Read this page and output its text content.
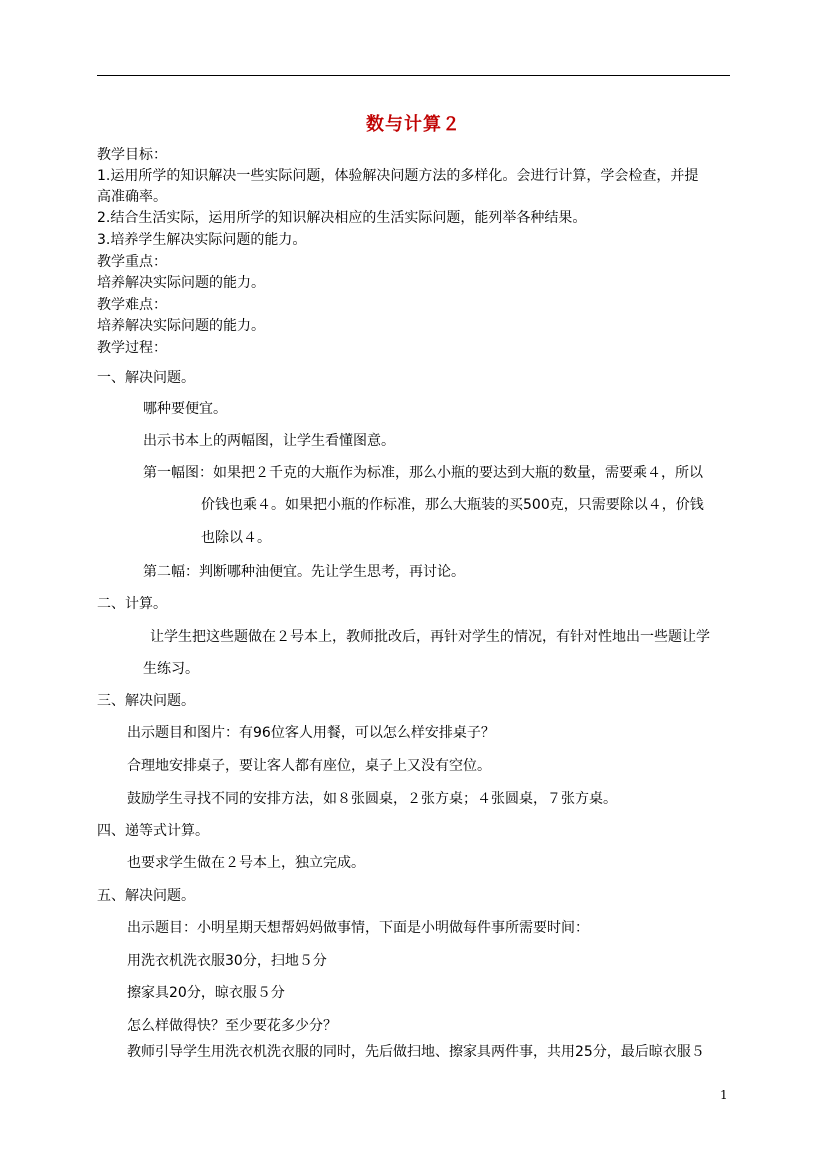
数与计算２
教学目标：
1.运用所学的知识解决一些实际问题，体验解决问题方法的多样化。会进行计算，学会检查，并提
高准确率。
2.结合生活实际，运用所学的知识解决相应的生活实际问题，能列举各种结果。
3.培养学生解决实际问题的能力。
教学重点：
培养解决实际问题的能力。
教学难点：
培养解决实际问题的能力。
教学过程：
一、解决问题。
哪种要便宜。
出示书本上的两幅图，让学生看懂图意。
第一幅图：如果把２千克的大瓶作为标准，那么小瓶的要达到大瓶的数量，需要乘４，所以
价钱也乘４。如果把小瓶的作标准，那么大瓶装的买500克，只需要除以４，价钱
也除以４。
第二幅：判断哪种油便宜。先让学生思考，再讨论。
二、计算。
让学生把这些题做在２号本上，教师批改后，再针对学生的情况，有针对性地出一些题让学
生练习。
三、解决问题。
出示题目和图片：有96位客人用餐，可以怎么样安排桌子？
合理地安排桌子，要让客人都有座位，桌子上又没有空位。
鼓励学生寻找不同的安排方法，如８张圆桌，２张方桌；４张圆桌，７张方桌。
四、递等式计算。
也要求学生做在２号本上，独立完成。
五、解决问题。
出示题目：小明星期天想帮妈妈做事情，下面是小明做每件事所需要时间：
用洗衣机洗衣服30分，扫地５分
擦家具20分，晾衣服５分
怎么样做得快？至少要花多少分？
教师引导学生用洗衣机洗衣服的同时，先后做扫地、擦家具两件事，共用25分，最后晾衣服５
1
